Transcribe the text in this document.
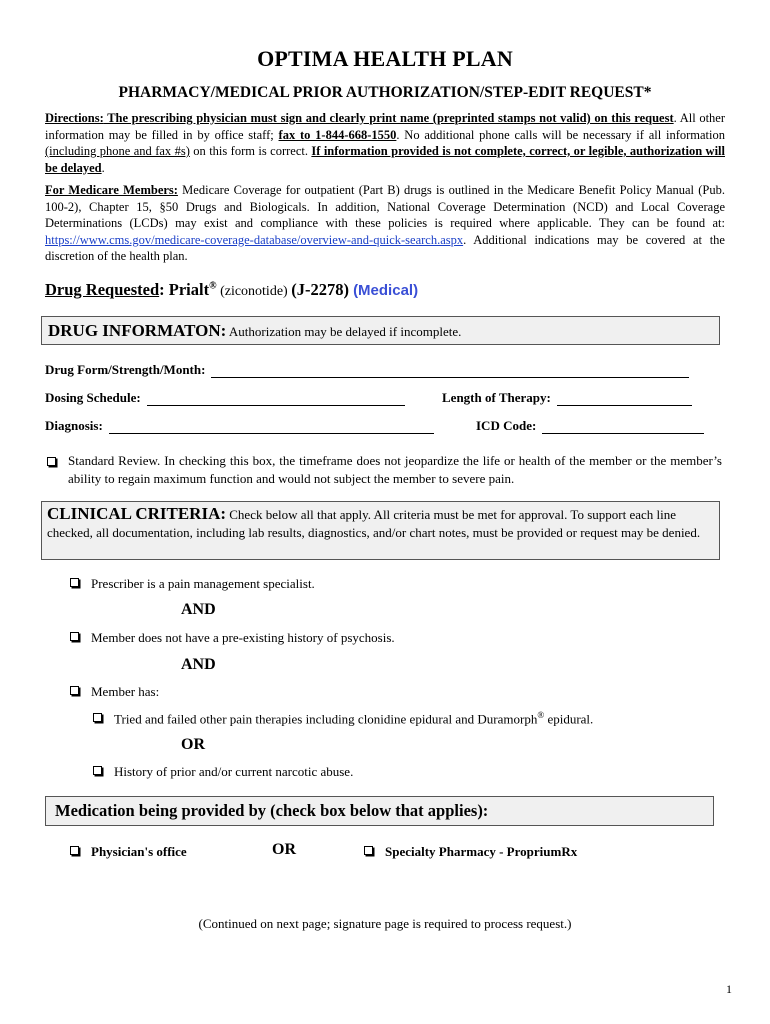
OPTIMA HEALTH PLAN
PHARMACY/MEDICAL PRIOR AUTHORIZATION/STEP-EDIT REQUEST*
Directions: The prescribing physician must sign and clearly print name (preprinted stamps not valid) on this request. All other information may be filled in by office staff; fax to 1-844-668-1550. No additional phone calls will be necessary if all information (including phone and fax #s) on this form is correct. If information provided is not complete, correct, or legible, authorization will be delayed.
For Medicare Members: Medicare Coverage for outpatient (Part B) drugs is outlined in the Medicare Benefit Policy Manual (Pub. 100-2), Chapter 15, §50 Drugs and Biologicals. In addition, National Coverage Determination (NCD) and Local Coverage Determinations (LCDs) may exist and compliance with these policies is required where applicable. They can be found at: https://www.cms.gov/medicare-coverage-database/overview-and-quick-search.aspx. Additional indications may be covered at the discretion of the health plan.
Drug Requested: Prialt® (ziconotide) (J-2278) (Medical)
DRUG INFORMATON: Authorization may be delayed if incomplete.
Drug Form/Strength/Month:
Dosing Schedule:	Length of Therapy:
Diagnosis:	ICD Code:
Standard Review. In checking this box, the timeframe does not jeopardize the life or health of the member or the member’s ability to regain maximum function and would not subject the member to severe pain.
CLINICAL CRITERIA: Check below all that apply. All criteria must be met for approval. To support each line checked, all documentation, including lab results, diagnostics, and/or chart notes, must be provided or request may be denied.
Prescriber is a pain management specialist.
AND
Member does not have a pre-existing history of psychosis.
AND
Member has:
Tried and failed other pain therapies including clonidine epidural and Duramorph® epidural.
OR
History of prior and/or current narcotic abuse.
Medication being provided by (check box below that applies):
Physician's office	OR	Specialty Pharmacy - PropriumRx
(Continued on next page; signature page is required to process request.)
1
